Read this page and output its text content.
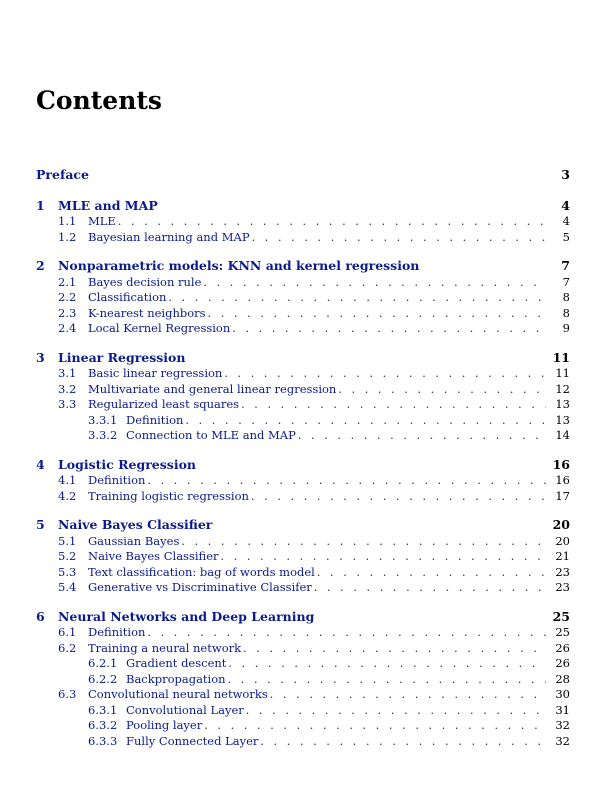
Contents
Preface	3
1	MLE and MAP	4
1.1	MLE . . .	4
1.2	Bayesian learning and MAP . . .	5
2	Nonparametric models: KNN and kernel regression	7
2.1	Bayes decision rule . . .	7
2.2	Classification . . .	8
2.3	K-nearest neighbors . . .	8
2.4	Local Kernel Regression . . .	9
3	Linear Regression	11
3.1	Basic linear regression . . .	11
3.2	Multivariate and general linear regression . . .	12
3.3	Regularized least squares . . .	13
3.3.1 Definition . . .	13
3.3.2 Connection to MLE and MAP . . .	14
4	Logistic Regression	16
4.1	Definition . . .	16
4.2	Training logistic regression . . .	17
5	Naive Bayes Classifier	20
5.1	Gaussian Bayes . . .	20
5.2	Naive Bayes Classifier . . .	21
5.3	Text classification: bag of words model . . .	23
5.4	Generative vs Discriminative Classifer . . .	23
6	Neural Networks and Deep Learning	25
6.1	Definition . . .	25
6.2	Training a neural network . . .	26
6.2.1 Gradient descent . . .	26
6.2.2 Backpropagation . . .	28
6.3	Convolutional neural networks . . .	30
6.3.1 Convolutional Layer . . .	31
6.3.2 Pooling layer . . .	32
6.3.3 Fully Connected Layer . . .	32
